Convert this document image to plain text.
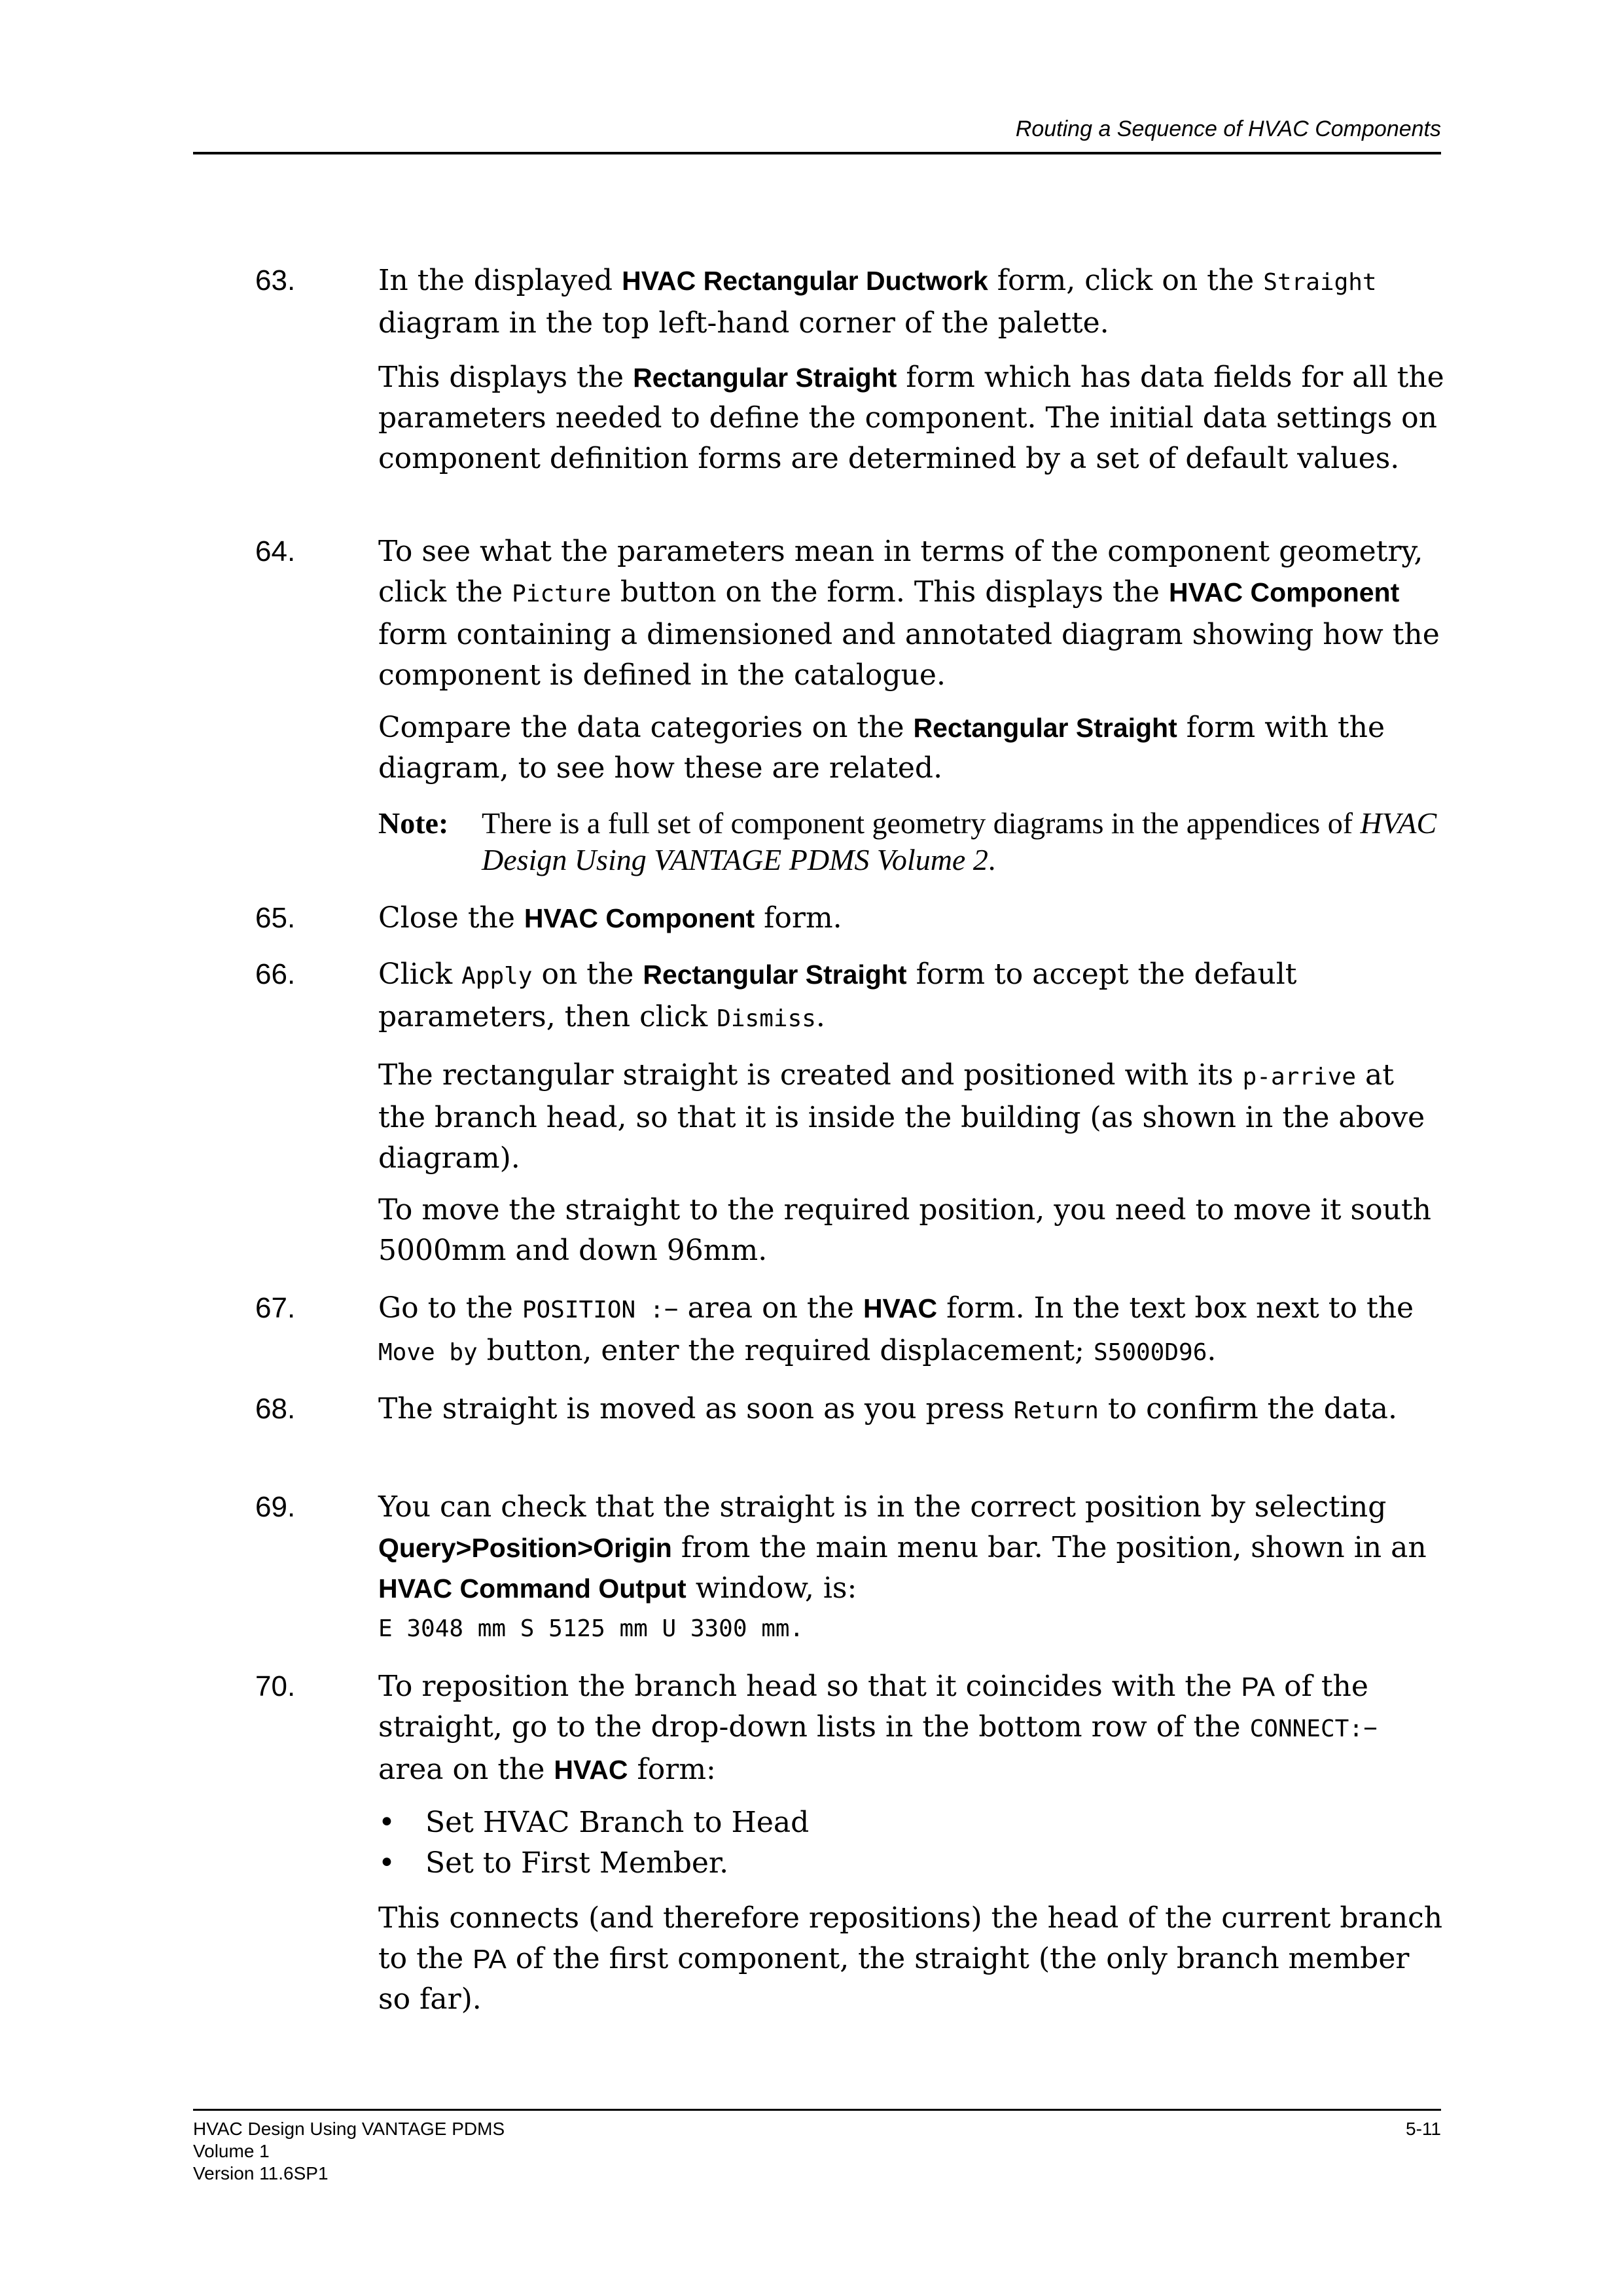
Routing a Sequence of HVAC Components
63.	In the displayed HVAC Rectangular Ductwork form, click on the Straight diagram in the top left-hand corner of the palette.
This displays the Rectangular Straight form which has data fields for all the parameters needed to define the component. The initial data settings on component definition forms are determined by a set of default values.
64.	To see what the parameters mean in terms of the component geometry, click the Picture button on the form. This displays the HVAC Component form containing a dimensioned and annotated diagram showing how the component is defined in the catalogue.
Compare the data categories on the Rectangular Straight form with the diagram, to see how these are related.
Note: There is a full set of component geometry diagrams in the appendices of HVAC Design Using VANTAGE PDMS Volume 2.
65.	Close the HVAC Component form.
66.	Click Apply on the Rectangular Straight form to accept the default parameters, then click Dismiss.
The rectangular straight is created and positioned with its p-arrive at the branch head, so that it is inside the building (as shown in the above diagram).
To move the straight to the required position, you need to move it south 5000mm and down 96mm.
67.	Go to the POSITION :– area on the HVAC form. In the text box next to the Move by button, enter the required displacement; S5000D96.
68.	The straight is moved as soon as you press Return to confirm the data.
69.	You can check that the straight is in the correct position by selecting Query>Position>Origin from the main menu bar. The position, shown in an HVAC Command Output window, is:
E 3048 mm S 5125 mm U 3300 mm.
70.	To reposition the branch head so that it coincides with the PA of the straight, go to the drop-down lists in the bottom row of the CONNECT:– area on the HVAC form:
• Set HVAC Branch to Head
• Set to First Member.
This connects (and therefore repositions) the head of the current branch to the PA of the first component, the straight (the only branch member so far).
HVAC Design Using VANTAGE PDMS
Volume 1
Version 11.6SP1
5-11
